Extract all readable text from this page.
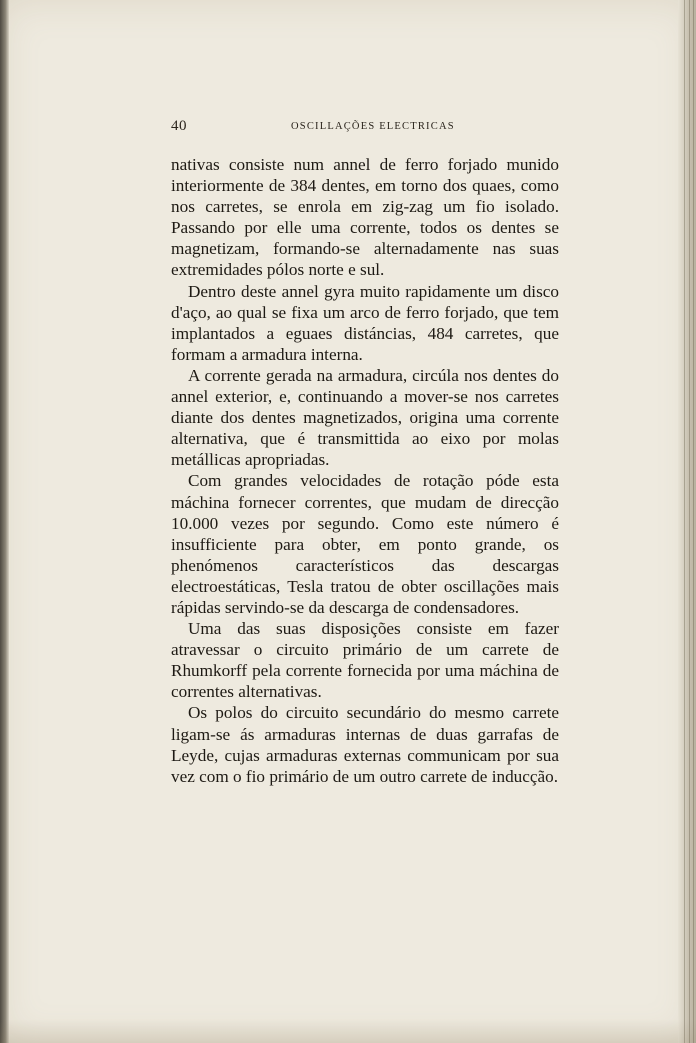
40	OSCILLAÇÕES ELECTRICAS

nativas consiste num annel de ferro forjado munido interiormente de 384 dentes, em torno dos quaes, como nos carretes, se enrola em zig-zag um fio isolado. Passando por elle uma corrente, todos os dentes se magnetizam, formando-se alternadamente nas suas extremidades pólos norte e sul.

Dentro deste annel gyra muito rapidamente um disco d'aço, ao qual se fixa um arco de ferro forjado, que tem implantados a eguaes distáncias, 484 carretes, que formam a armadura interna.

A corrente gerada na armadura, circúla nos dentes do annel exterior, e, continuando a mover-se nos carretes diante dos dentes magnetizados, origina uma corrente alternativa, que é transmittida ao eixo por molas metállicas apropriadas.

Com grandes velocidades de rotação póde esta máchina fornecer correntes, que mudam de direcção 10.000 vezes por segundo. Como este número é insufficiente para obter, em ponto grande, os phenómenos característicos das descargas electroestáticas, Tesla tratou de obter oscillações mais rápidas servindo-se da descarga de condensadores.

Uma das suas disposições consiste em fazer atravessar o circuito primário de um carrete de Rhumkorff pela corrente fornecida por uma máchina de correntes alternativas.

Os polos do circuito secundário do mesmo carrete ligam-se ás armaduras internas de duas garrafas de Leyde, cujas armaduras externas communicam por sua vez com o fio primário de um outro carrete de inducção.
